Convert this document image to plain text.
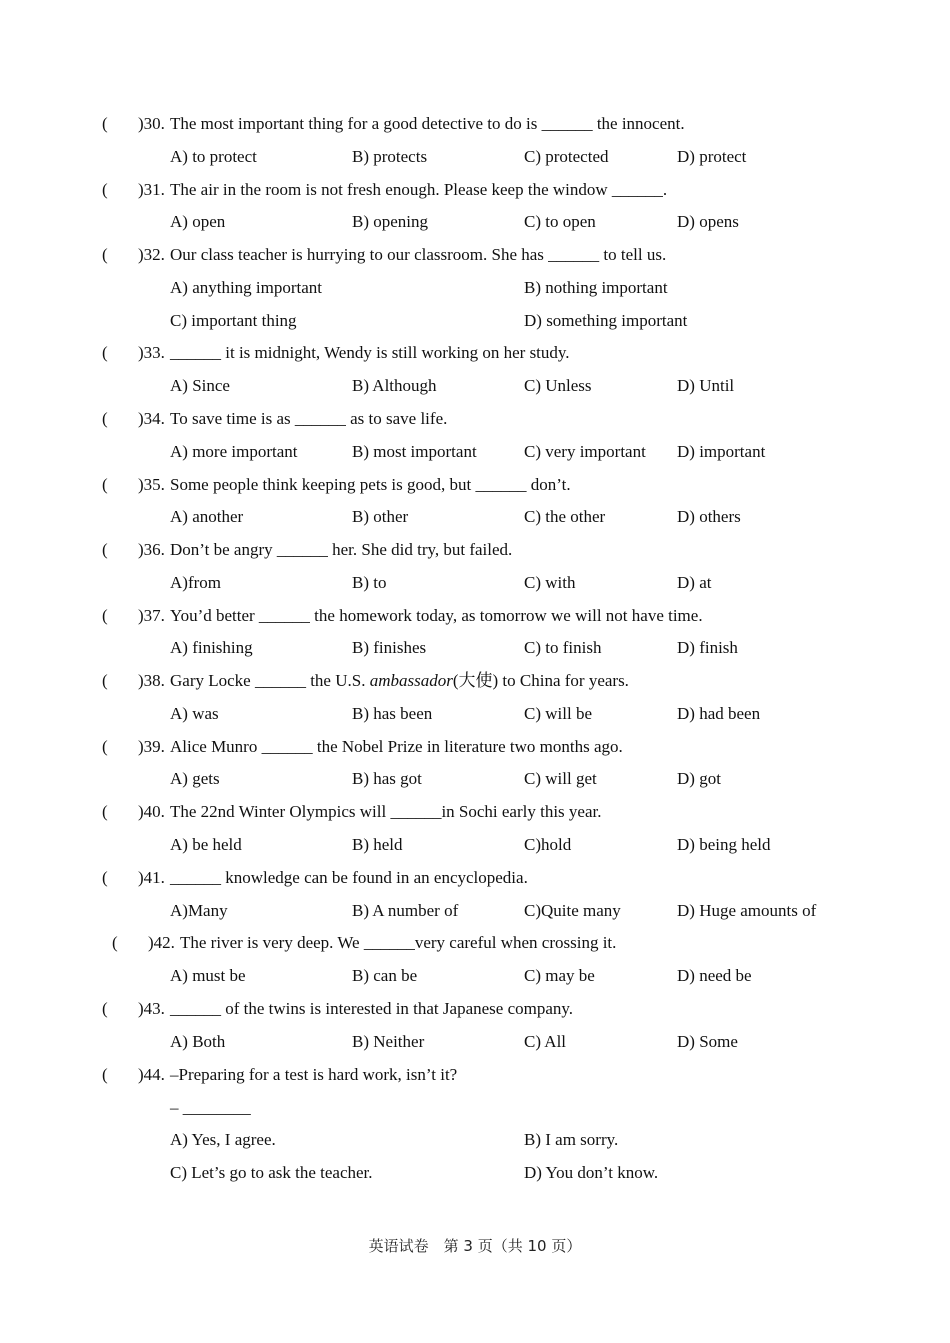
( )30. The most important thing for a good detective to do is ______ the innocent.
A) to protect	B) protects	C) protected	D) protect
( )31. The air in the room is not fresh enough. Please keep the window ______.
A) open	B) opening	C) to open	D) opens
( )32. Our class teacher is hurrying to our classroom. She has ______ to tell us.
A) anything important	B) nothing important
C) important thing	D) something important
( )33. ______ it is midnight, Wendy is still working on her study.
A) Since	B) Although	C) Unless	D) Until
( )34. To save time is as ______ as to save life.
A) more important	B) most important	C) very important D) important
( )35. Some people think keeping pets is good, but ______ don’t.
A) another	B) other	C) the other	D) others
( )36. Don’t be angry ______ her. She did try, but failed.
A)from	B) to	C) with	D) at
( )37. You’d better ______ the homework today, as tomorrow we will not have time.
A) finishing	B) finishes	C) to finish	D) finish
( )38. Gary Locke ______ the U.S. ambassador(大使) to China for years.
A) was	B) has been	C) will be	D) had been
( )39. Alice Munro ______ the Nobel Prize in literature two months ago.
A) gets	B) has got	C) will get	D) got
( )40. The 22nd Winter Olympics will ______in Sochi early this year.
A) be held	B) held	C)hold	D) being held
( )41. ______ knowledge can be found in an encyclopedia.
A)Many	B) A number of	C)Quite many	D) Huge amounts of
( )42. The river is very deep. We ______very careful when crossing it.
A) must be	B) can be	C) may be	D) need be
( )43. ______ of the twins is interested in that Japanese company.
A) Both	B) Neither	C) All	D) Some
( )44. –Preparing for a test is hard work, isn’t it?
– ________
A) Yes, I agree.	B) I am sorry.
C) Let’s go to ask the teacher.	D) You don’t know.
英语试卷　第 3 页（共 10 页）
